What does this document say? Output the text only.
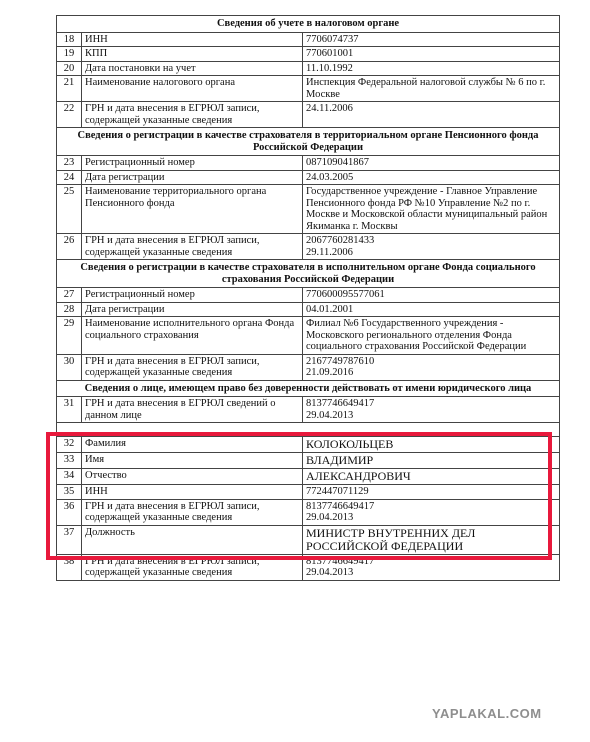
Сведения об учете в налоговом органе		
18	ИНН	7706074737

19	КПП	770601001

20	Дата постановки на учет	11.10.1992

21	Наименование налогового органа	Инспекция Федеральной налоговой службы № 6 по г. Москве

22	ГРН и дата внесения в ЕГРЮЛ записи, содержащей указанные сведения	24.11.2006

Сведения о регистрации в качестве страхователя в территориальном органе Пенсионного фонда Российской Федерации		
23	Регистрационный номер	087109041867

24	Дата регистрации	24.03.2005

25	Наименование территориального органа Пенсионного фонда	Государственное учреждение - Главное Управление Пенсионного фонда РФ №10 Управление №2 по г. Москве и Московской области муниципальный район Якиманка г. Москвы

26	ГРН и дата внесения в ЕГРЮЛ записи, содержащей указанные сведения	2067760281433
29.11.2006

Сведения о регистрации в качестве страхователя в исполнительном органе Фонда социального страхования Российской Федерации		
27	Регистрационный номер	770600095577061

28	Дата регистрации	04.01.2001

29	Наименование исполнительного органа Фонда социального страхования	Филиал №6 Государственного учреждения - Московского регионального отделения Фонда социального страхования Российской Федерации

30	ГРН и дата внесения в ЕГРЮЛ записи, содержащей указанные сведения	2167749787610
21.09.2016

Сведения о лице, имеющем право без доверенности действовать от имени юридического лица		
31	ГРН и дата внесения в ЕГРЮЛ сведений о данном лице	8137746649417
29.04.2013

32	Фамилия	КОЛОКОЛЬЦЕВ

33	Имя	ВЛАДИМИР

34	Отчество	АЛЕКСАНДРОВИЧ

35	ИНН	772447071129

36	ГРН и дата внесения в ЕГРЮЛ записи, содержащей указанные сведения	8137746649417
29.04.2013

37	Должность	МИНИСТР ВНУТРЕННИХ ДЕЛ РОССИЙСКОЙ ФЕДЕРАЦИИ

38	ГРН и дата внесения в ЕГРЮЛ записи, содержащей указанные сведения	8137746649417
29.04.2013
YAPLAKAL.COM
